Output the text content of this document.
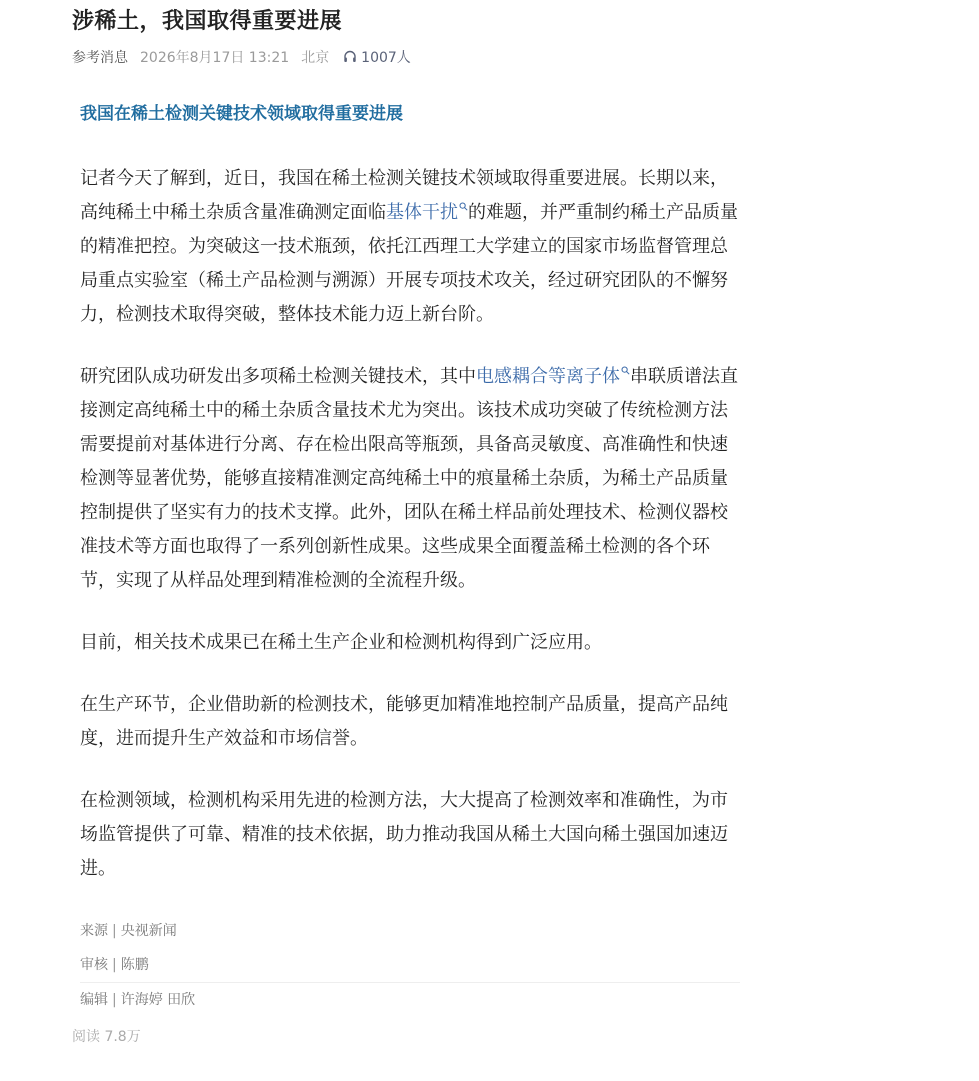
涉稀土，我国取得重要进展
参考消息 2026年8月17日 13:21 北京 1007人
我国在稀土检测关键技术领域取得重要进展

记者今天了解到，近日，我国在稀土检测关键技术领域取得重要进展。长期以来，高纯稀土中稀土杂质含量准确测定面临基体干扰 的难题，并严重制约稀土产品质量的精准把控。为突破这一技术瓶颈，依托江西理工大学建立的国家市场监督管理总局重点实验室（稀土产品检测与溯源）开展专项技术攻关，经过研究团队的不懈努力，检测技术取得突破，整体技术能力迈上新台阶。

研究团队成功研发出多项稀土检测关键技术，其中电感耦合等离子体 串联质谱法直接测定高纯稀土中的稀土杂质含量技术尤为突出。该技术成功突破了传统检测方法需要提前对基体进行分离、存在检出限高等瓶颈，具备高灵敏度、高准确性和快速检测等显著优势，能够直接精准测定高纯稀土中的痕量稀土杂质，为稀土产品质量控制提供了坚实有力的技术支撑。此外，团队在稀土样品前处理技术、检测仪器校准技术等方面也取得了一系列创新性成果。这些成果全面覆盖稀土检测的各个环节，实现了从样品处理到精准检测的全流程升级。

目前，相关技术成果已在稀土生产企业和检测机构得到广泛应用。

在生产环节，企业借助新的检测技术，能够更加精准地控制产品质量，提高产品纯度，进而提升生产效益和市场信誉。

在检测领域，检测机构采用先进的检测方法，大大提高了检测效率和准确性，为市场监管提供了可靠、精准的技术依据，助力推动我国从稀土大国向稀土强国加速迈进。

来源 | 央视新闻
审核 | 陈鹏
编辑 | 许海婷 田欣
阅读 7.8万
